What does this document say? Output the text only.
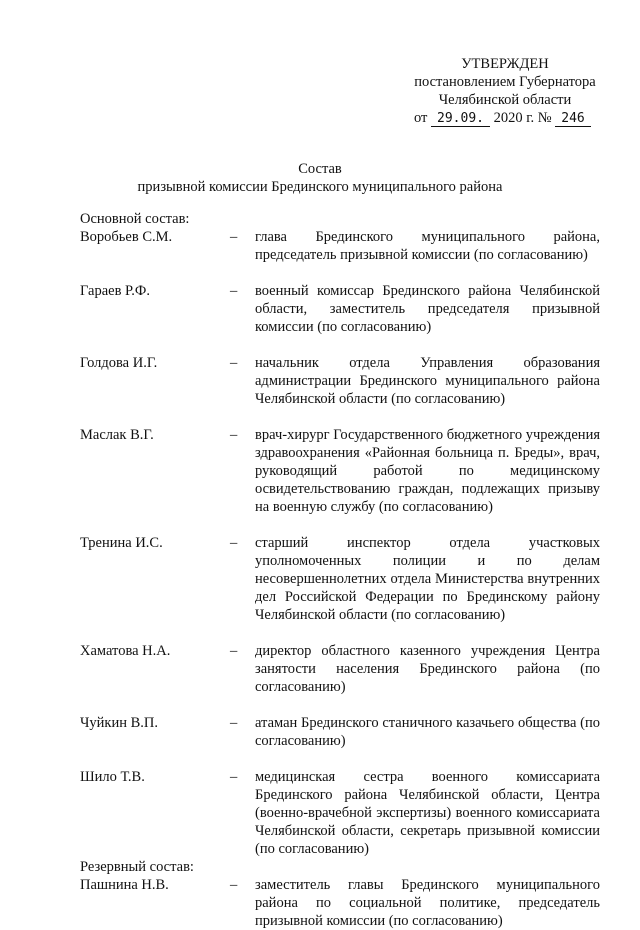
УТВЕРЖДЕН
постановлением Губернатора
Челябинской области
от 29.09. 2020 г. № 246
Состав
призывной комиссии Брединского муниципального района
Основной состав:
Воробьев С.М.	–	глава Брединского муниципального района, председатель призывной комиссии (по согласованию)
Гараев Р.Ф.	–	военный комиссар Брединского района Челябинской области, заместитель председателя призывной комиссии (по согласованию)
Голдова И.Г.	–	начальник отдела Управления образования администрации Брединского муниципального района Челябинской области (по согласованию)
Маслак В.Г.	–	врач-хирург Государственного бюджетного учреждения здравоохранения «Районная больница п. Бреды», врач, руководящий работой по медицинскому освидетельствованию граждан, подлежащих призыву на военную службу (по согласованию)
Тренина И.С.	–	старший инспектор отдела участковых уполномоченных полиции и по делам несовершеннолетних отдела Министерства внутренних дел Российской Федерации по Брединскому району Челябинской области (по согласованию)
Хаматова Н.А.	–	директор областного казенного учреждения Центра занятости населения Брединского района (по согласованию)
Чуйкин В.П.	–	атаман Брединского станичного казачьего общества (по согласованию)
Шило Т.В.	–	медицинская сестра военного комиссариата Брединского района Челябинской области, Центра (военно-врачебной экспертизы) военного комиссариата Челябинской области, секретарь призывной комиссии (по согласованию)
Резервный состав:
Пашнина Н.В.	–	заместитель главы Брединского муниципального района по социальной политике, председатель призывной комиссии (по согласованию)
